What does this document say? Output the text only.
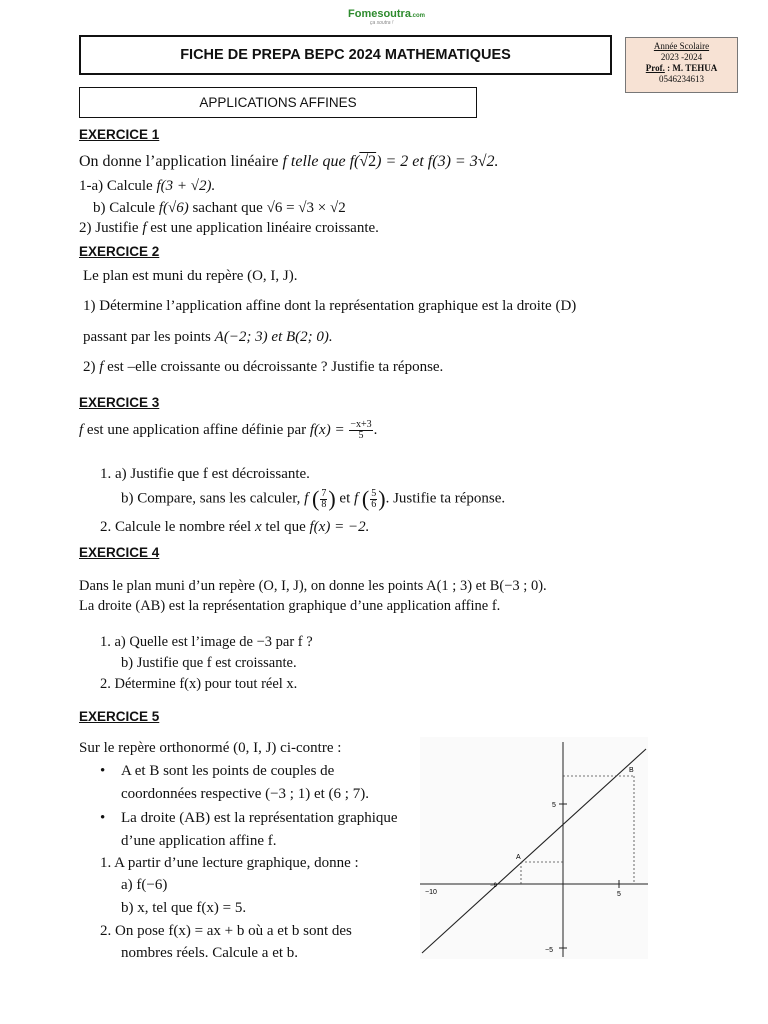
Fomesoutra.com
ça soutra !
FICHE DE PREPA BEPC 2024 MATHEMATIQUES
Année Scolaire
2023 -2024
Prof. : M. TEHUA
0546234613
APPLICATIONS AFFINES
EXERCICE 1
On donne l’application linéaire f telle que f(√2) = 2 et f(3) = 3√2.
1-a) Calcule f(3 + √2).
b) Calcule f(√6) sachant que √6 = √3 × √2
2) Justifie f est une application linéaire croissante.
EXERCICE 2
Le plan est muni du repère (O, I, J).
1) Détermine l’application affine dont la représentation graphique est la droite (D)
passant par les points A(−2; 3) et B(2; 0).
2) f est –elle croissante ou décroissante ? Justifie ta réponse.
EXERCICE 3
f est une application affine définie par $f(x) = \frac{-x+3}{5}$ .
1. a) Justifie que f est décroissante.
b) Compare, sans les calculer, f ( $\frac{7}{8}$ ) et f ( $\frac{5}{6}$ ). Justifie ta réponse.
2. Calcule le nombre réel x tel que f(x) = −2.
EXERCICE 4
Dans le plan muni d’un repère (O, I, J), on donne les points A(1 ; 3) et B(−3 ; 0).
La droite (AB) est la représentation graphique d’une application affine f.
1. a) Quelle est l’image de −3 par f ?
b) Justifie que f est croissante.
2. Détermine f(x) pour tout réel x.
EXERCICE 5
Sur le repère orthonormé (0, I, J) ci-contre :
• A et B sont les points de couples de
coordonnées respective (−3 ; 1) et (6 ; 7).
• La droite (AB) est la représentation graphique
d’une application affine f.
1. A partir d’une lecture graphique, donne :
a) f(−6)
b) x, tel que f(x) = 5.
2. On pose f(x) = ax + b où a et b sont des
nombres réels. Calcule a et b.
A
B
−10
−6
5
5
−5
